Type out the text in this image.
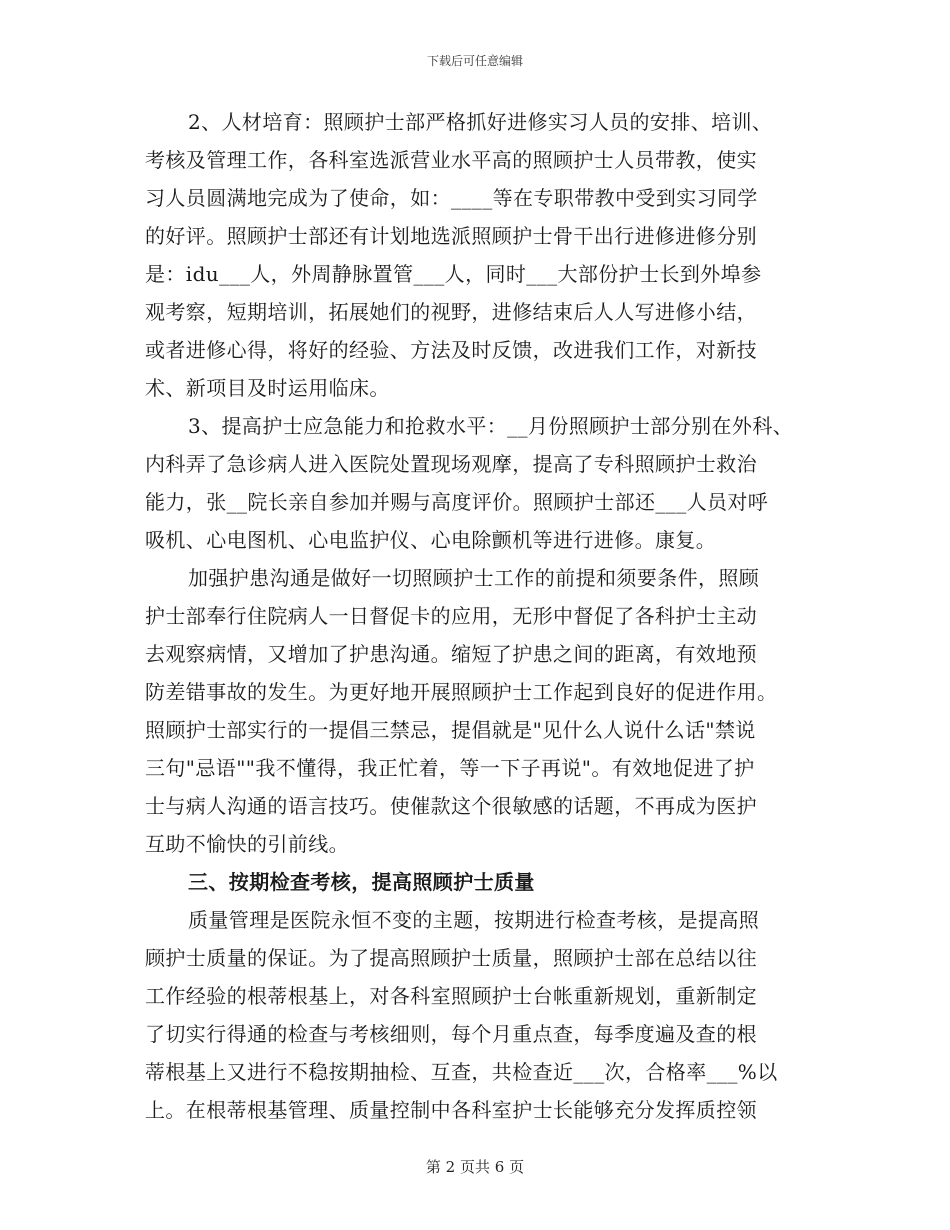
下载后可任意编辑
2、人材培育：照顾护士部严格抓好进修实习人员的安排、培训、
考核及管理工作，各科室选派营业水平高的照顾护士人员带教，使实
习人员圆满地完成为了使命，如：____等在专职带教中受到实习同学
的好评。照顾护士部还有计划地选派照顾护士骨干出行进修进修分别
是：idu___人，外周静脉置管___人，同时___大部份护士长到外埠参
观考察，短期培训，拓展她们的视野，进修结束后人人写进修小结，
或者进修心得，将好的经验、方法及时反馈，改进我们工作，对新技
术、新项目及时运用临床。
3、提高护士应急能力和抢救水平：__月份照顾护士部分别在外科、
内科弄了急诊病人进入医院处置现场观摩，提高了专科照顾护士救治
能力，张__院长亲自参加并赐与高度评价。照顾护士部还___人员对呼
吸机、心电图机、心电监护仪、心电除颤机等进行进修。康复。
加强护患沟通是做好一切照顾护士工作的前提和须要条件，照顾
护士部奉行住院病人一日督促卡的应用，无形中督促了各科护士主动
去观察病情，又增加了护患沟通。缩短了护患之间的距离，有效地预
防差错事故的发生。为更好地开展照顾护士工作起到良好的促进作用。
照顾护士部实行的一提倡三禁忌，提倡就是"见什么人说什么话"禁说
三句"忌语""我不懂得，我正忙着，等一下子再说"。有效地促进了护
士与病人沟通的语言技巧。使催款这个很敏感的话题，不再成为医护
互助不愉快的引前线。
三、按期检查考核，提高照顾护士质量
质量管理是医院永恒不变的主题，按期进行检查考核，是提高照
顾护士质量的保证。为了提高照顾护士质量，照顾护士部在总结以往
工作经验的根蒂根基上，对各科室照顾护士台帐重新规划，重新制定
了切实行得通的检查与考核细则，每个月重点查，每季度遍及查的根
蒂根基上又进行不稳按期抽检、互查，共检查近___次，合格率___%以
上。在根蒂根基管理、质量控制中各科室护士长能够充分发挥质控领
第 2 页共 6 页
